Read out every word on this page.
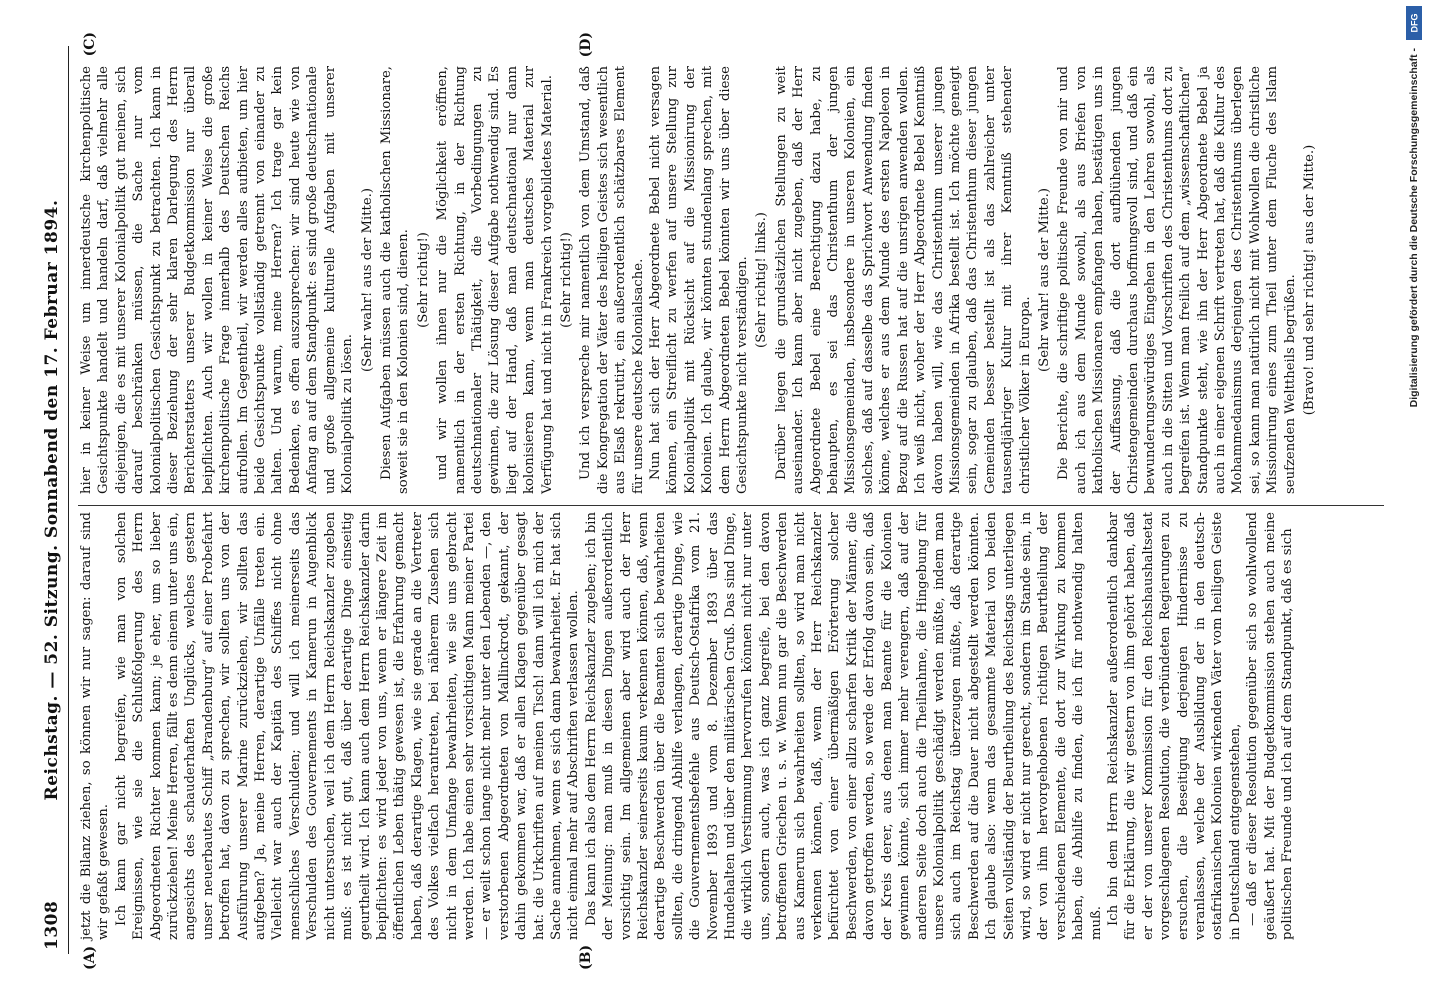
1308
Reichstag. — 52. Sitzung. Sonnabend den 17. Februar 1894.
(A)	(B)
(C)	(D)

jetzt die Bilanz ziehen, so können wir nur sagen: darauf sind wir gefaßt gewesen. Ich kann gar nicht begreifen, wie man von solchen Ereignissen, wie sie die Schlußfolgerung des Herrn Abgeordneten Richter kommen kann; je eher, um so lieber zurückziehen! Meine Herren, fällt es denn einem unter uns ein, angesichts des schauderhaften Unglücks, welches gestern unser neuerbautes Schiff „Brandenburg“ auf einer Probefahrt betroffen hat, davon zu sprechen, wir sollten uns von der Ausführung unserer Marine zurückziehen, wir sollten das aufgeben? Ja, meine Herren, derartige Unfälle treten ein. Vielleicht war auch der Kapitän des Schiffes nicht ohne menschliches Verschulden; und will ich meinerseits das Verschulden des Gouvernements in Kamerun in Augenblick nicht untersuchen, weil ich dem Herrn Reichskanzler zugeben muß: es ist nicht gut, daß über derartige Dinge einseitig geurtheilt wird. Ich kann auch dem Herrn Reichskanzler darin beipflichten: es wird jeder von uns, wenn er längere Zeit im öffentlichen Leben thätig gewesen ist, die Erfahrung gemacht haben, daß derartige Klagen, wie sie gerade an die Vertreter des Volkes vielfach herantreten, bei näherem Zusehen sich nicht in dem Umfange bewahrheiten, wie sie uns gebracht werden. Ich habe einen sehr vorsichtigen Mann meiner Partei — er weilt schon lange nicht mehr unter den Lebenden —, den verstorbenen Abgeordneten von Mallinckrodt, gekannt, der dahin gekommen war, daß er allen Klagen gegenüber gesagt hat: die Urkchriften auf meinen Tisch! dann will ich mich der Sache annehmen, wenn es sich dann bewahrheitet. Er hat sich nicht einmal mehr auf Abschriften verlassen wollen. Das kann ich also dem Herrn Reichskanzler zugeben; ich bin der Meinung: man muß in diesen Dingen außerordentlich vorsichtig sein. Im allgemeinen aber wird auch der Herr Reichskanzler seinerseits kaum verkennen können, daß, wenn derartige Beschwerden über die Beamten sich bewahrheiten sollten, die dringend Abhilfe verlangen, derartige Dinge, wie die Gouvernementsbefehle aus Deutsch-Ostafrika vom 21. November 1893 und vom 8. Dezember 1893 über das Hundehalten und über den militärischen Gruß. Das sind Dinge, die wirklich Verstimmung hervorrufen können nicht nur unter uns, sondern auch, was ich ganz begreife, bei den davon betroffenen Griechen u. s. w. Wenn nun gar die Beschwerden aus Kamerun sich bewahrheiten sollten, so wird man nicht verkennen können, daß, wenn der Herr Reichskanzler befürchtet von einer übermäßigen Erörterung solcher Beschwerden, von einer allzu scharfen Kritik der Männer, die davon getroffen werden, so werde der Erfolg davon sein, daß der Kreis derer, aus denen man Beamte für die Kolonien gewinnen könnte, sich immer mehr verengern, daß auf der anderen Seite doch auch die Theilnahme, die Hingebung für unsere Kolonialpolitik geschädigt werden müßte, indem man sich auch im Reichstag überzeugen müßte, daß derartige Beschwerden auf die Dauer nicht abgestellt werden könnten. Ich glaube also: wenn das gesammte Material von beiden Seiten vollständig der Beurtheilung des Reichstags unterliegen wird, so wird er nicht nur gerecht, sondern im Stande sein, in der von ihm hervorgehobenen richtigen Beurtheilung der verschiedenen Elemente, die dort zur Wirkung zu kommen haben, die Abhilfe zu finden, die ich für nothwendig halten muß. Ich bin dem Herrn Reichskanzler außerordentlich dankbar für die Erklärung, die wir gestern von ihm gehört haben, daß er der von unserer Kommission für den Reichshaushaltsetat vorgeschlagenen Resolution, die verbündeten Regierungen zu ersuchen, die Beseitigung derjenigen Hindernisse zu veranlassen, welche der Ausbildung der in den deutsch-ostafrikanischen Kolonien wirkenden Väter vom heiligen Geiste in Deutschland entgegenstehen, — daß er dieser Resolution gegenüber sich so wohlwollend geäußert hat. Mit der Budgetkommission stehen auch meine politischen Freunde und ich auf dem Standpunkt, daß es sich

hier in keiner Weise um innerdeutsche kirchenpolitische Gesichtspunkte handelt und handeln darf, daß vielmehr alle diejenigen, die es mit unserer Kolonialpolitik gut meinen, sich darauf beschränken müssen, die Sache nur vom kolonialpolitischen Gesichtspunkt zu betrachten. Ich kann in dieser Beziehung der sehr klaren Darlegung des Herrn Berichterstatters unserer Budgetkommission nur überall beipflichten. Auch wir wollen in keiner Weise die große kirchenpolitische Frage innerhalb des Deutschen Reichs aufrollen. Im Gegentheil, wir werden alles aufbieten, um hier beide Gesichtspunkte vollständig getrennt von einander zu halten. Und warum, meine Herren? Ich trage gar kein Bedenken, es offen auszusprechen: wir sind heute wie von Anfang an auf dem Standpunkt: es sind große deutschnationale und große allgemeine kulturelle Aufgaben mit unserer Kolonialpolitik zu lösen.

(Sehr wahr! aus der Mitte.) Diesen Aufgaben müssen auch die katholischen Missionare, soweit sie in den Kolonien sind, dienen. (Sehr richtig!) und wir wollen ihnen nur die Möglichkeit eröffnen, namentlich in der ersten Richtung, in der Richtung deutschnationaler Thätigkeit, die Vorbedingungen zu gewinnen, die zur Lösung dieser Aufgabe nothwendig sind. Es liegt auf der Hand, daß man deutschnational nur dann kolonisieren kann, wenn man deutsches Material zur Verfügung hat und nicht in Frankreich vorgebildetes Material. (Sehr richtig!) Und ich verspreche mir namentlich von dem Umstand, daß die Kongregation der Väter des heiligen Geistes sich wesentlich aus Elsaß rekrutirt, ein außerordentlich schätzbares Element für unsere deutsche Kolonialsache. Nun hat sich der Herr Abgeordnete Bebel nicht versagen können, ein Streiflicht zu werfen auf unsere Stellung zur Kolonialpolitik mit Rücksicht auf die Missionirung der Kolonien. Ich glaube, wir könnten stundenlang sprechen, mit dem Herrn Abgeordneten Bebel könnten wir uns über diese Gesichtspunkte nicht verständigen. (Sehr richtig! links.) Darüber liegen die grundsätzlichen Stellungen zu weit auseinander. Ich kann aber nicht zugeben, daß der Herr Abgeordnete Bebel eine Berechtigung dazu habe, zu behaupten, es sei das Christenthum der jungen Missionsgemeinden, insbesondere in unseren Kolonien, ein solches, daß auf dasselbe das Sprichwort Anwendung finden könne, welches er aus dem Munde des ersten Napoleon in Bezug auf die Russen hat auf die unsrigen anwenden wollen. Ich weiß nicht, woher der Herr Abgeordnete Bebel Kenntniß davon haben will, wie das Christenthum unserer jungen Missionsgemeinden in Afrika bestellt ist. Ich möchte geneigt sein, sogar zu glauben, daß das Christenthum dieser jungen Gemeinden besser bestellt ist als das zahlreicher unter tausendjähriger Kultur mit ihrer Kenntniß stehender christlicher Völker in Europa.

(Sehr wahr! aus der Mitte.) Die Berichte, die schriftige politische Freunde von mir und auch ich aus dem Munde sowohl, als aus Briefen von katholischen Missionaren empfangen haben, bestätigen uns in der Auffassung, daß die dort aufblühenden jungen Christengemeinden durchaus hoffnungsvoll sind, und daß ein bewunderungswürdiges Eingehen in den Lehren sowohl, als auch in die Sitten und Vorschriften des Christenthums dort zu begreifen ist. Wenn man freilich auf dem „wissenschaftlichen“ Standpunkte steht, wie ihn der Herr Abgeordnete Bebel ja auch in einer eigenen Schrift vertreten hat, daß die Kultur des Mohammedanismus derjenigen des Christenthums überlegen sei, so kann man natürlich nicht mit Wohlwollen die christliche Missionirung eines zum Theil unter dem Fluche des Islam seufzenden Welttheils begrüßen. (Bravo! und sehr richtig! aus der Mitte.)

DFG
Digitalisierung gefördert durch die Deutsche Forschungsgemeinschaft -
